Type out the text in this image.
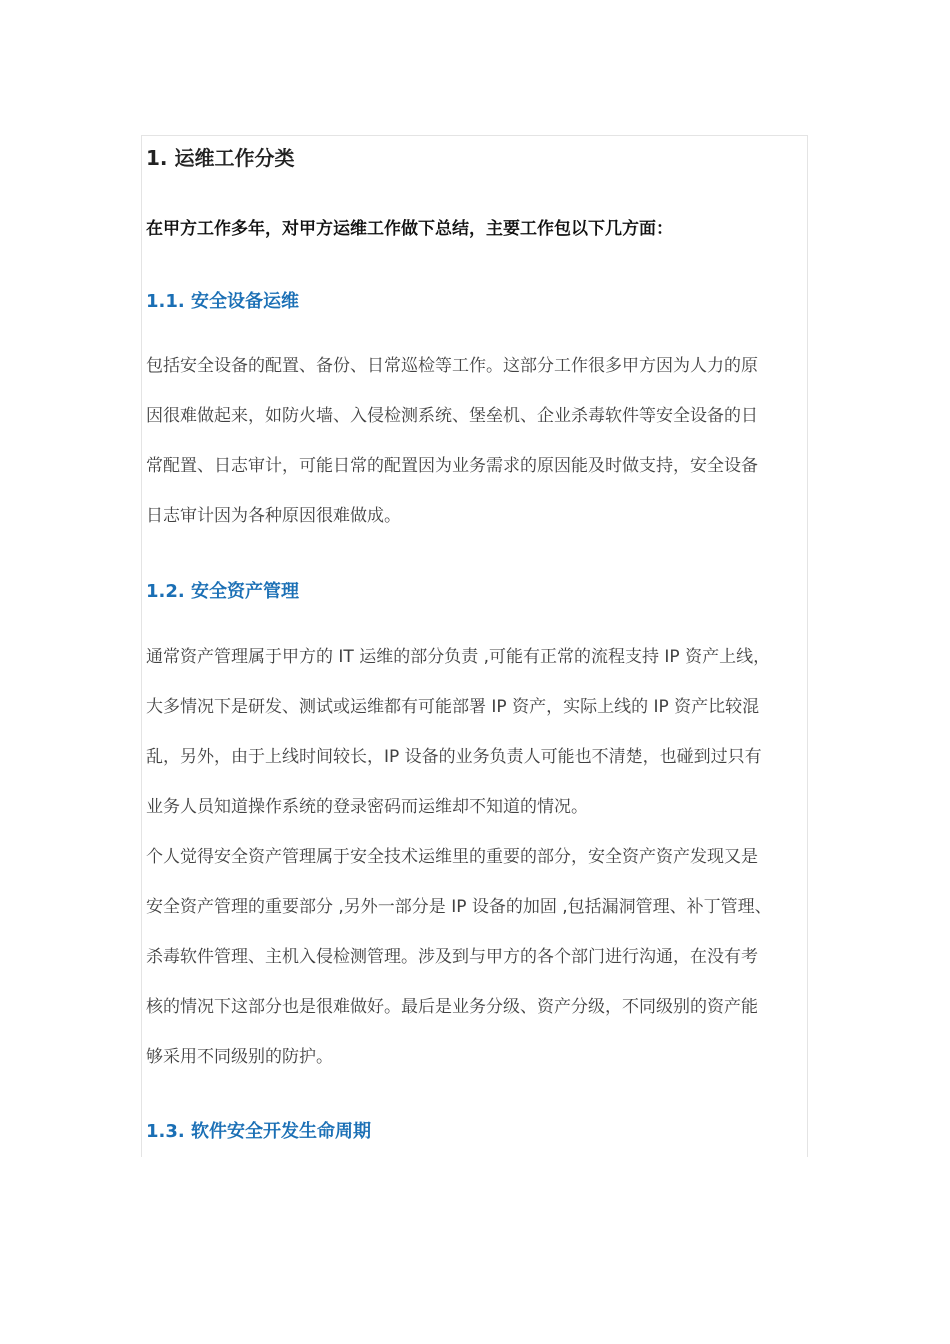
1. 运维工作分类
在甲方工作多年，对甲方运维工作做下总结，主要工作包以下几方面：
1.1. 安全设备运维
包括安全设备的配置、备份、日常巡检等工作。这部分工作很多甲方因为人力的原
因很难做起来，如防火墙、入侵检测系统、堡垒机、企业杀毒软件等安全设备的日
常配置、日志审计，可能日常的配置因为业务需求的原因能及时做支持，安全设备
日志审计因为各种原因很难做成。
1.2. 安全资产管理
通常资产管理属于甲方的 IT 运维的部分负责 ,可能有正常的流程支持 IP 资产上线，
大多情况下是研发、测试或运维都有可能部署 IP 资产，实际上线的 IP 资产比较混
乱，另外，由于上线时间较长，IP 设备的业务负责人可能也不清楚，也碰到过只有
业务人员知道操作系统的登录密码而运维却不知道的情况。
个人觉得安全资产管理属于安全技术运维里的重要的部分，安全资产资产发现又是
安全资产管理的重要部分 ,另外一部分是 IP 设备的加固 ,包括漏洞管理、补丁管理、
杀毒软件管理、主机入侵检测管理。涉及到与甲方的各个部门进行沟通，在没有考
核的情况下这部分也是很难做好。最后是业务分级、资产分级，不同级别的资产能
够采用不同级别的防护。
1.3. 软件安全开发生命周期
